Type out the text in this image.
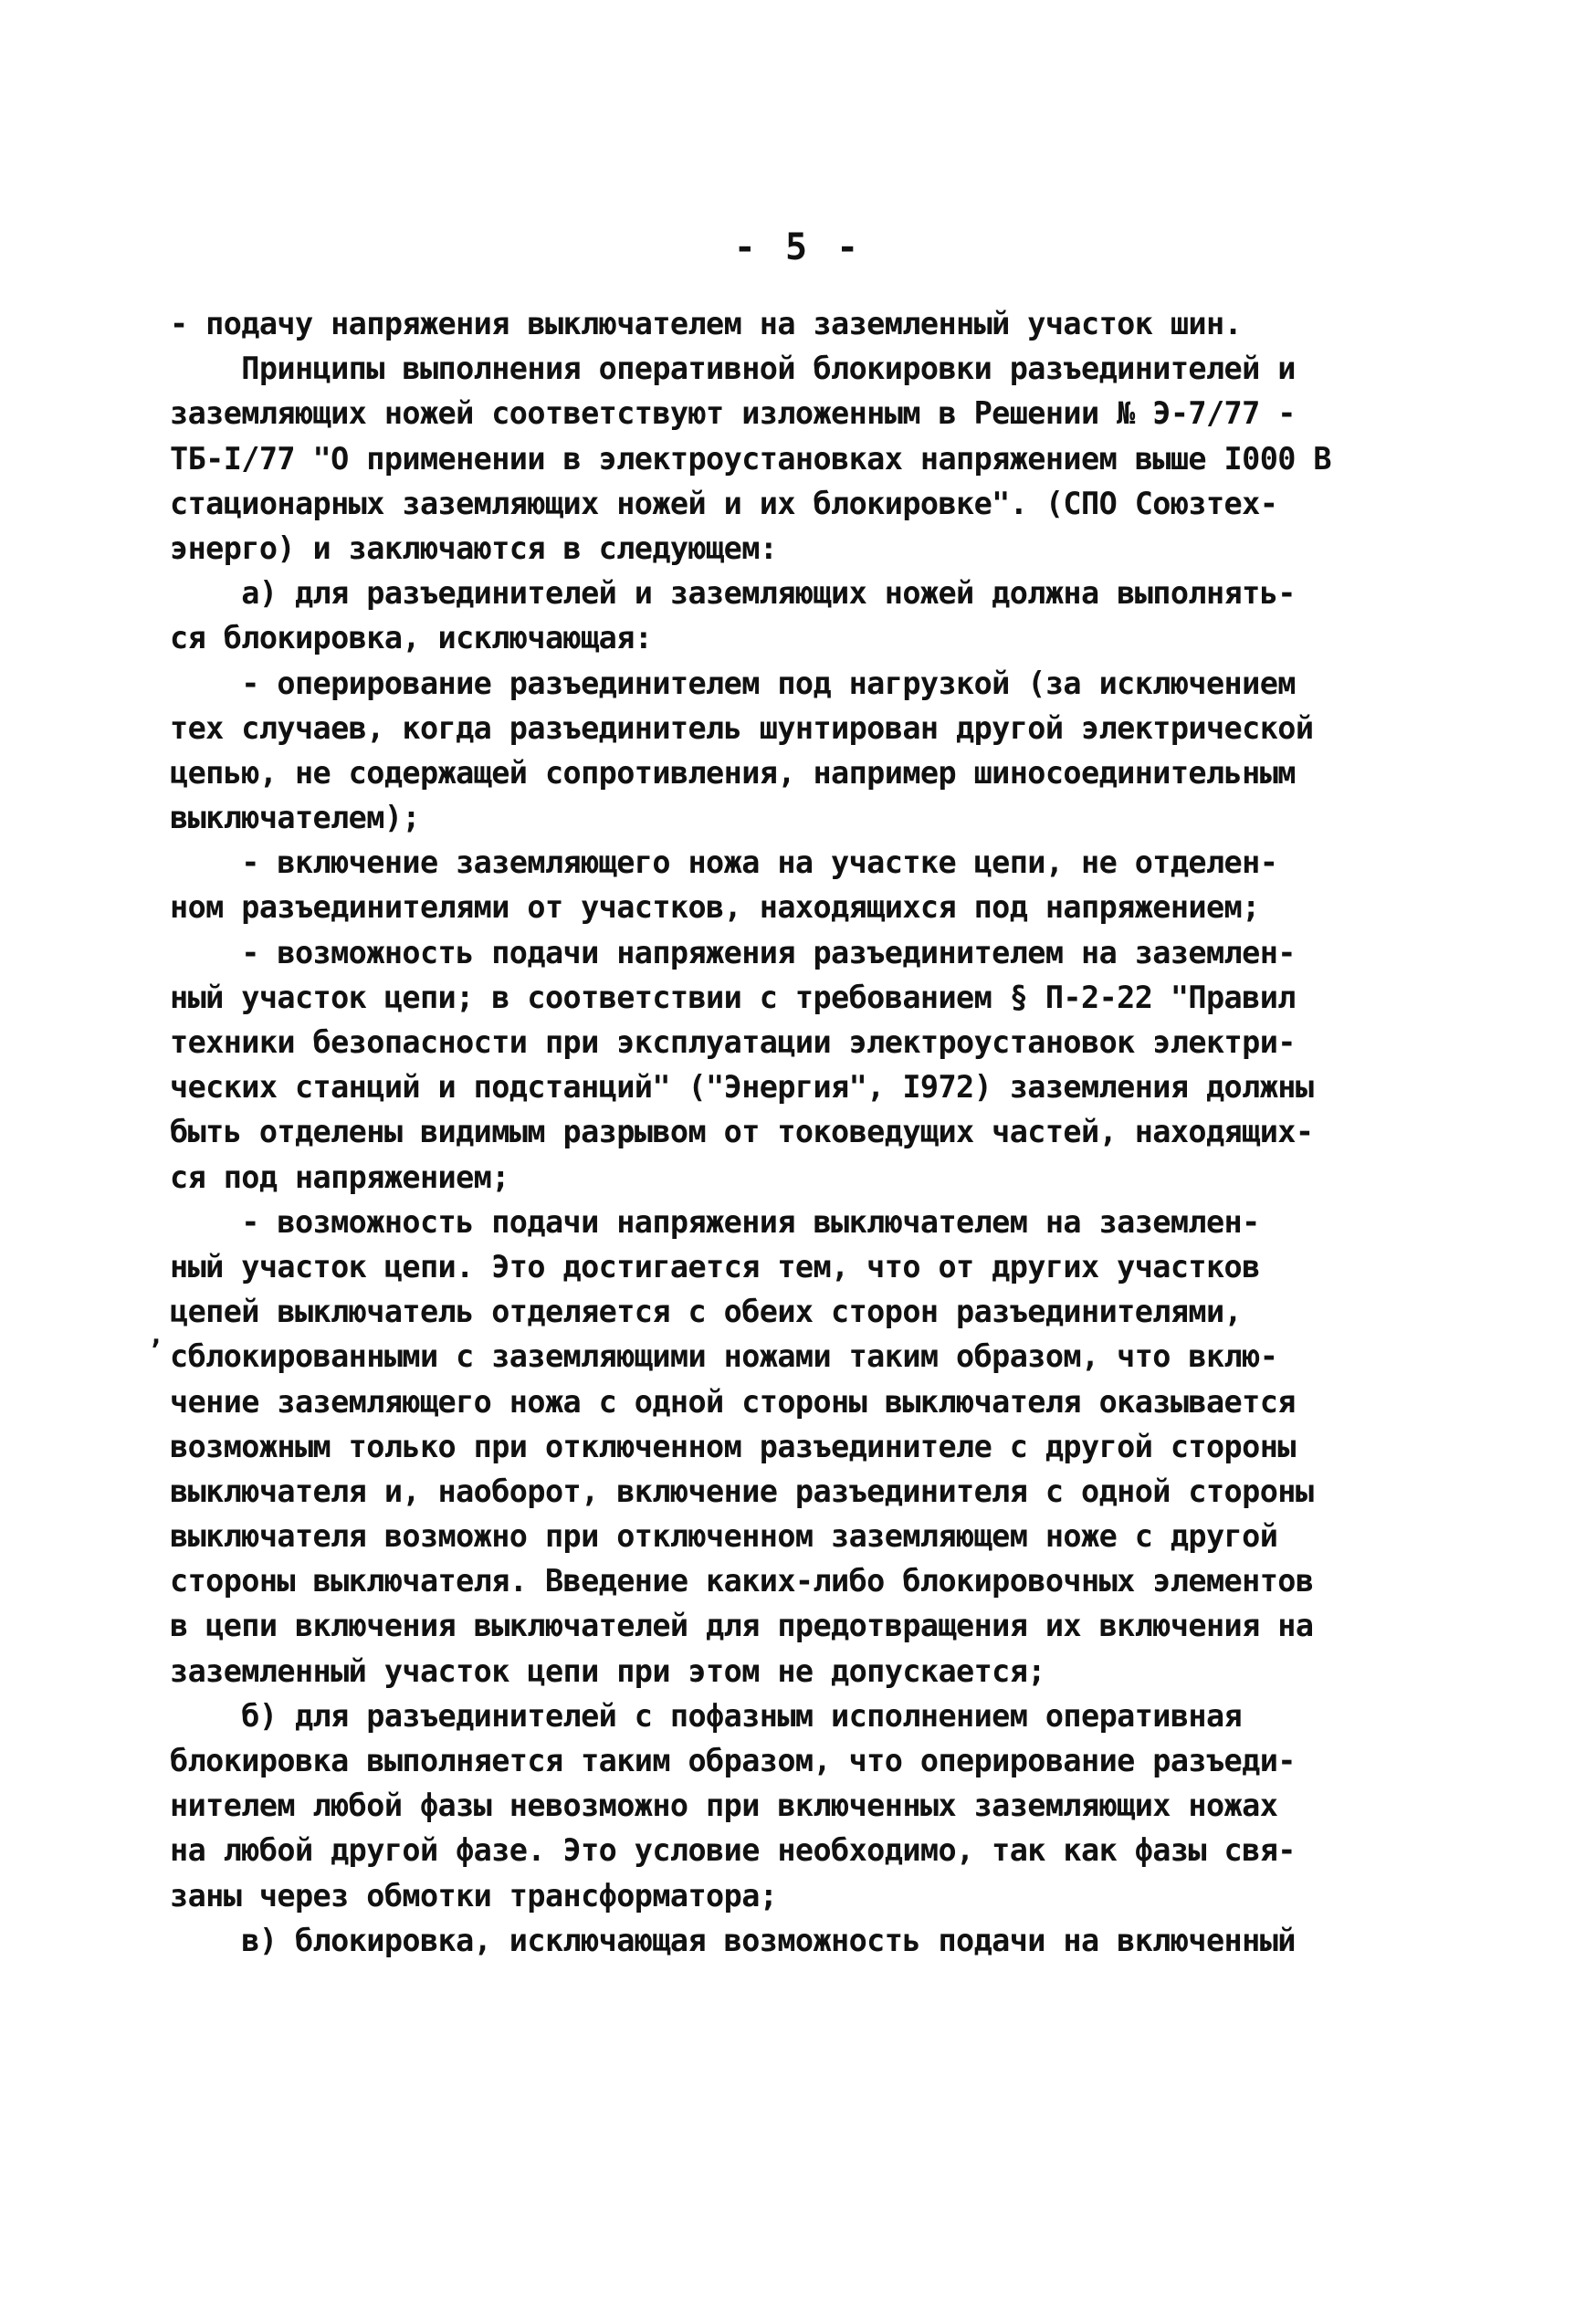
- 5 -
,
- подачу напряжения выключателем на заземленный участок шин.
Принципы выполнения оперативной блокировки разъединителей и
заземляющих ножей соответствуют изложенным в Решении № Э-7/77 -
ТБ-I/77 "О применении в электроустановках напряжением выше I000 В
стационарных заземляющих ножей и их блокировке". (СПО Союзтех-
энерго) и заключаются в следующем:
а) для разъединителей и заземляющих ножей должна выполнять-
ся блокировка, исключающая:
- оперирование разъединителем под нагрузкой (за исключением
тех случаев, когда разъединитель шунтирован другой электрической
цепью, не содержащей сопротивления, например шиносоединительным
выключателем);
- включение заземляющего ножа на участке цепи, не отделен-
ном разъединителями от участков, находящихся под напряжением;
- возможность подачи напряжения разъединителем на заземлен-
ный участок цепи; в соответствии с требованием § П-2-22 "Правил
техники безопасности при эксплуатации электроустановок электри-
ческих станций и подстанций" ("Энергия", I972) заземления должны
быть отделены видимым разрывом от токоведущих частей, находящих-
ся под напряжением;
- возможность подачи напряжения выключателем на заземлен-
ный участок цепи. Это достигается тем, что от других участков
цепей выключатель отделяется с обеих сторон разъединителями,
сблокированными с заземляющими ножами таким образом, что вклю-
чение заземляющего ножа с одной стороны выключателя оказывается
возможным только при отключенном разъединителе с другой стороны
выключателя и, наоборот, включение разъединителя с одной стороны
выключателя возможно при отключенном заземляющем ноже с другой
стороны выключателя. Введение каких-либо блокировочных элементов
в цепи включения выключателей для предотвращения их включения на
заземленный участок цепи при этом не допускается;
б) для разъединителей с пофазным исполнением оперативная
блокировка выполняется таким образом, что оперирование разъеди-
нителем любой фазы невозможно при включенных заземляющих ножах
на любой другой фазе. Это условие необходимо, так как фазы свя-
заны через обмотки трансформатора;
в) блокировка, исключающая возможность подачи на включенный
